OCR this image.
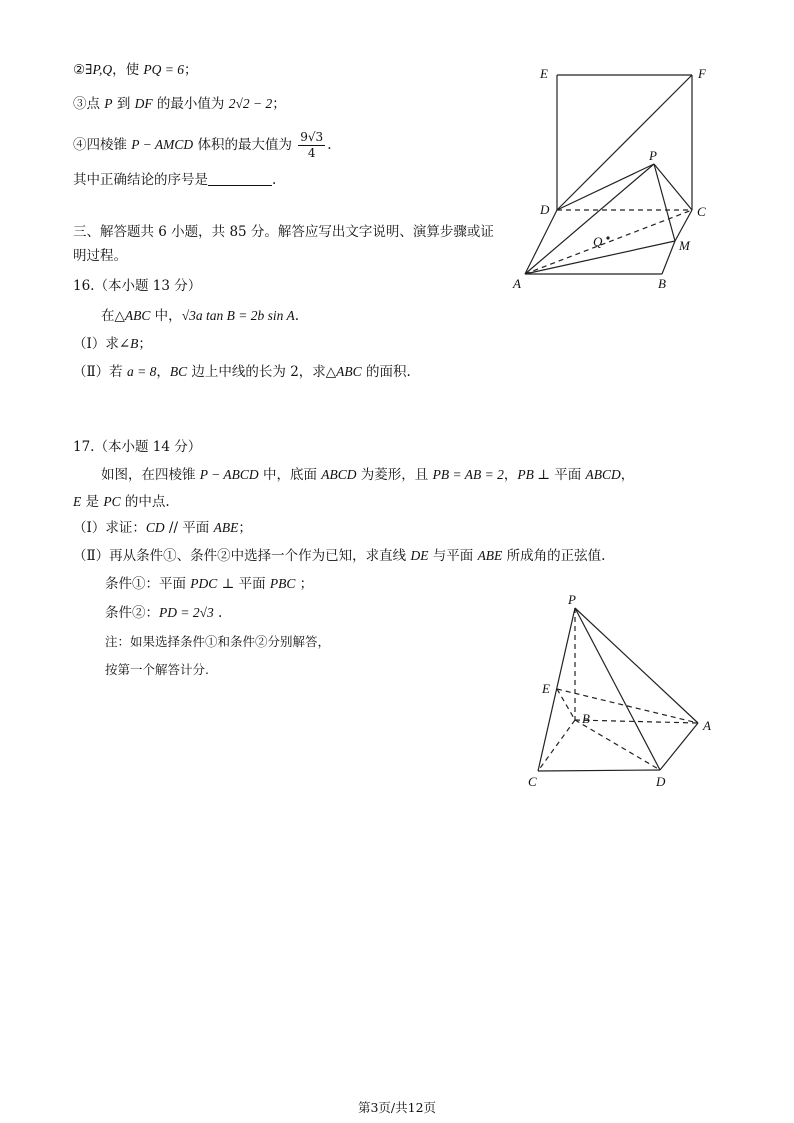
②∃P,Q，使 PQ = 6；
③点 P 到 DF 的最小值为 2√2 − 2；
④四棱锥 P − AMCD 体积的最大值为 $\frac{9√3}{4}$ .
其中正确结论的序号是	.
三、解答题共 6 小题，共 85 分。解答应写出文字说明、演算步骤或证
明过程。
16.（本小题 13 分）
在△ABC 中，√3a tan B = 2b sin A.
（Ⅰ）求∠B；
（Ⅱ）若 a = 8，BC 边上中线的长为 2，求△ABC 的面积.
17.（本小题 14 分）
如图，在四棱锥 P − ABCD 中，底面 ABCD 为菱形，且 PB = AB = 2，PB ⊥ 平面 ABCD，
E 是 PC 的中点.
（Ⅰ）求证：CD // 平面 ABE；
（Ⅱ）再从条件①、条件②中选择一个作为已知，求直线 DE 与平面 ABE 所成角的正弦值.
条件①：平面 PDC ⊥ 平面 PBC ；
条件②：PD = 2√3 .
注：如果选择条件①和条件②分别解答，
按第一个解答计分.
E	F
P
D	C
Q	M
A	B
P
E
B	A
C	D
第3页/共12页
